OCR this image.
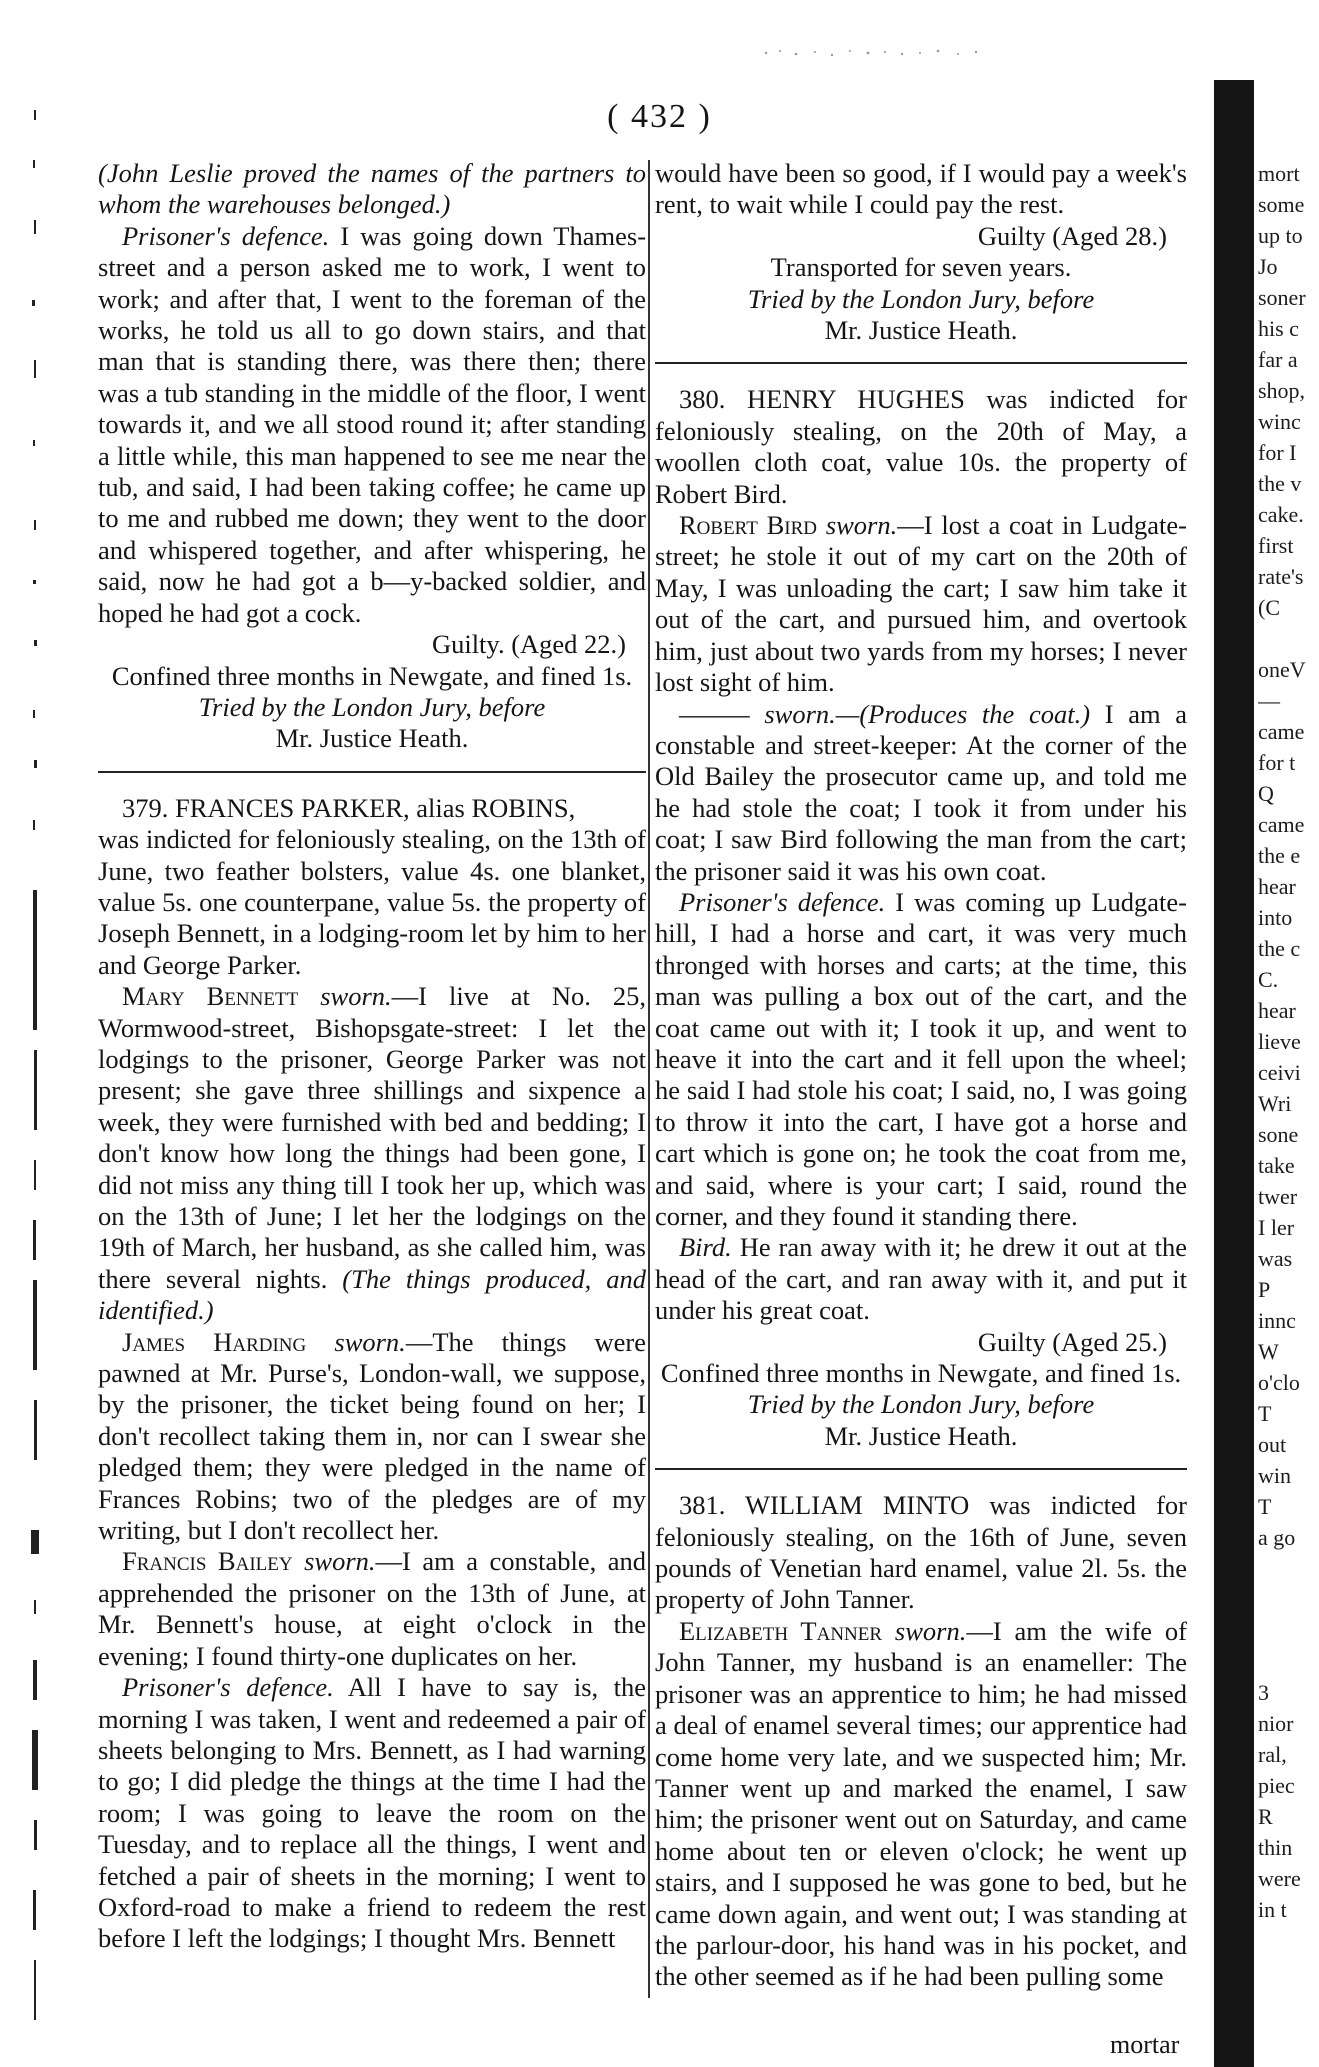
( 432 )

(John Leslie proved the names of the partners to whom the warehouses belonged.)

Prisoner's defence. I was going down Thames-street and a person asked me to work, I went to work; and after that, I went to the foreman of the works, he told us all to go down stairs, and that man that is standing there, was there then; there was a tub standing in the middle of the floor, I went towards it, and we all stood round it; after standing a little while, this man happened to see me near the tub, and said, I had been taking coffee; he came up to me and rubbed me down; they went to the door and whispered together, and after whispering, he said, now he had got a b—y-backed soldier, and hoped he had got a cock.

Guilty. (Aged 22.)

Confined three months in Newgate, and fined 1s.

Tried by the London Jury, before

Mr. Justice Heath.

379. FRANCES PARKER, alias ROBINS,

was indicted for feloniously stealing, on the 13th of June, two feather bolsters, value 4s. one blanket, value 5s. one counterpane, value 5s. the property of Joseph Bennett, in a lodging-room let by him to her and George Parker.

Mary Bennett sworn.—I live at No. 25, Wormwood-street, Bishopsgate-street: I let the lodgings to the prisoner, George Parker was not present; she gave three shillings and sixpence a week, they were furnished with bed and bedding; I don't know how long the things had been gone, I did not miss any thing till I took her up, which was on the 13th of June; I let her the lodgings on the 19th of March, her husband, as she called him, was there several nights. (The things produced, and identified.)

James Harding sworn.—The things were pawned at Mr. Purse's, London-wall, we suppose, by the prisoner, the ticket being found on her; I don't recollect taking them in, nor can I swear she pledged them; they were pledged in the name of Frances Robins; two of the pledges are of my writing, but I don't recollect her.

Francis Bailey sworn.—I am a constable, and apprehended the prisoner on the 13th of June, at Mr. Bennett's house, at eight o'clock in the evening; I found thirty-one duplicates on her.

Prisoner's defence. All I have to say is, the morning I was taken, I went and redeemed a pair of sheets belonging to Mrs. Bennett, as I had warning to go; I did pledge the things at the time I had the room; I was going to leave the room on the Tuesday, and to replace all the things, I went and fetched a pair of sheets in the morning; I went to Oxford-road to make a friend to redeem the rest before I left the lodgings; I thought Mrs. Bennett

would have been so good, if I would pay a week's rent, to wait while I could pay the rest.

Guilty (Aged 28.)

Transported for seven years.

Tried by the London Jury, before

Mr. Justice Heath.

380. HENRY HUGHES was indicted for feloniously stealing, on the 20th of May, a woollen cloth coat, value 10s. the property of Robert Bird.

Robert Bird sworn.—I lost a coat in Ludgate-street; he stole it out of my cart on the 20th of May, I was unloading the cart; I saw him take it out of the cart, and pursued him, and overtook him, just about two yards from my horses; I never lost sight of him.

——— sworn.—(Produces the coat.) I am a constable and street-keeper: At the corner of the Old Bailey the prosecutor came up, and told me he had stole the coat; I took it from under his coat; I saw Bird following the man from the cart; the prisoner said it was his own coat.

Prisoner's defence. I was coming up Ludgate-hill, I had a horse and cart, it was very much thronged with horses and carts; at the time, this man was pulling a box out of the cart, and the coat came out with it; I took it up, and went to heave it into the cart and it fell upon the wheel; he said I had stole his coat; I said, no, I was going to throw it into the cart, I have got a horse and cart which is gone on; he took the coat from me, and said, where is your cart; I said, round the corner, and they found it standing there.

Bird. He ran away with it; he drew it out at the head of the cart, and ran away with it, and put it under his great coat.

Guilty (Aged 25.)

Confined three months in Newgate, and fined 1s.

Tried by the London Jury, before

Mr. Justice Heath.

381. WILLIAM MINTO was indicted for feloniously stealing, on the 16th of June, seven pounds of Venetian hard enamel, value 2l. 5s. the property of John Tanner.

Elizabeth Tanner sworn.—I am the wife of John Tanner, my husband is an enameller: The prisoner was an apprentice to him; he had missed a deal of enamel several times; our apprentice had come home very late, and we suspected him; Mr. Tanner went up and marked the enamel, I saw him; the prisoner went out on Saturday, and came home about ten or eleven o'clock; he went up stairs, and I supposed he was gone to bed, but he came down again, and went out; I was standing at the parlour-door, his hand was in his pocket, and the other seemed as if he had been pulling some

mortar
mort
some
up to
Jo
soner
his c
far a
shop,
winc
for I
the v
cake.
first
rate's
(C
oneV
—
came
for t
Q
came
the e
hear
into
the c
C.
hear
lieve
ceivi
Wri
sone
take
twer
I ler
was
P
innc
W
o'clo
T
out
win
T
a go
3
nior
ral,
piec
R
thin
were
in t
